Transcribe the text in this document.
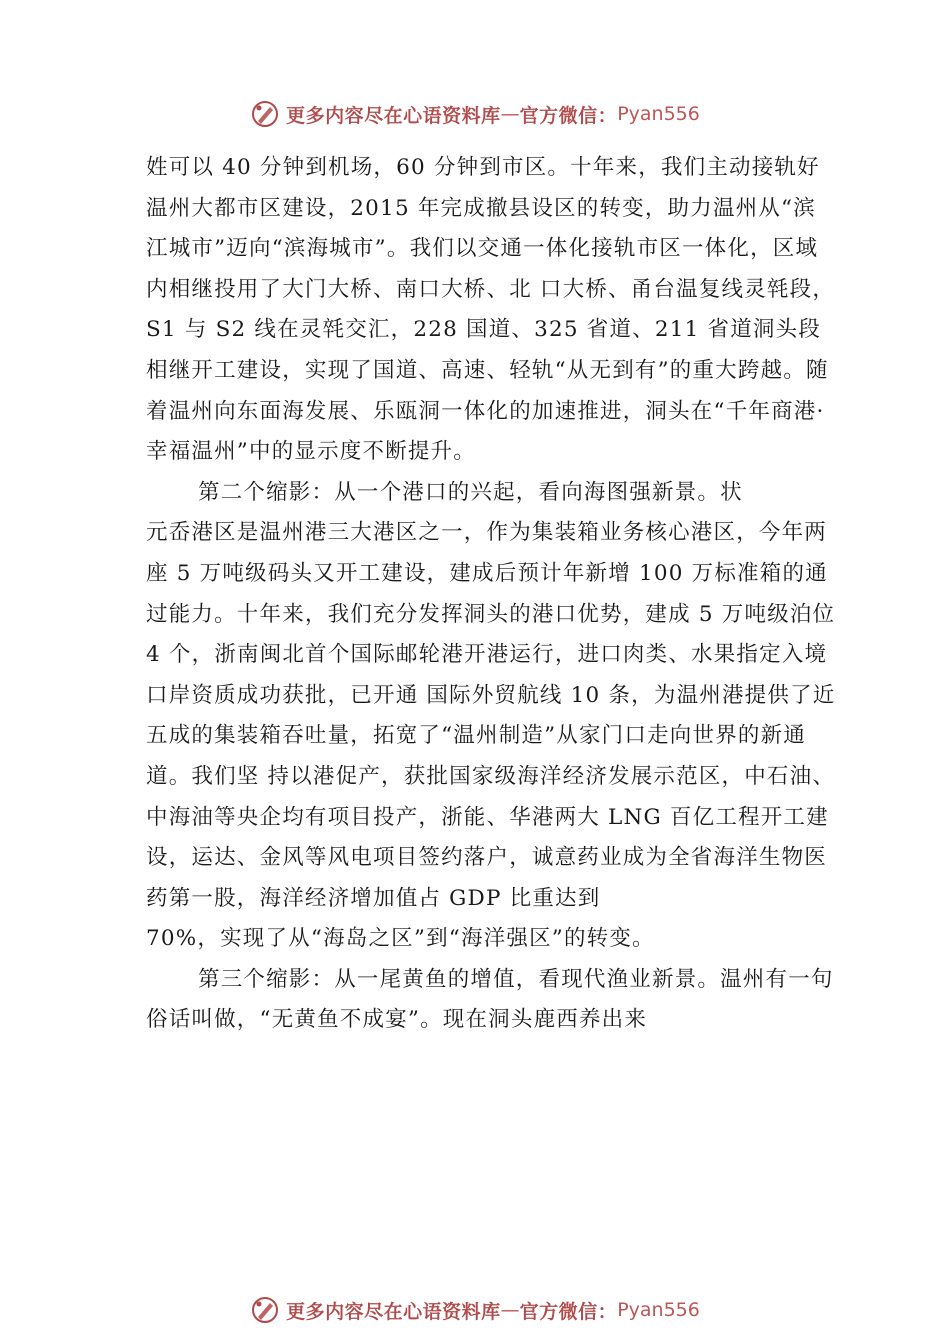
更多内容尽在心语资料库 — 官方微信： Pyan556

姓可以 40 分钟到机场，60 分钟到市区。十年来，我们主动接轨好温州大都市区建设，2015 年完成撤县设区的转变，助力温州从“滨江城市”迈向“滨海城市”。我们以交通一体化接轨市区一体化，区域内相继投用了大门大桥、南口大桥、北 口大桥、甬台温复线灵㲞段，S1 与 S2 线在灵㲞交汇，228 国道、325 省道、211 省道洞头段相继开工建设，实现了国道、高速、轻轨“从无到有”的重大跨越。随着温州向东面海发展、乐瓯洞一体化的加速推进，洞头在“千年商港·幸福温州”中的显示度不断提升。

第二个缩影：从一个港口的兴起，看向海图强新景。状

元岙港区是温州港三大港区之一，作为集装箱业务核心港区，今年两座 5 万吨级码头又开工建设，建成后预计年新增 100 万标准箱的通过能力。十年来，我们充分发挥洞头的港口优势，建成 5 万吨级泊位 4 个，浙南闽北首个国际邮轮港开港运行，进口肉类、水果指定入境口岸资质成功获批，已开通 国际外贸航线 10 条，为温州港提供了近五成的集装箱吞吐量，拓宽了“温州制造”从家门口走向世界的新通道。我们坚 持以港促产，获批国家级海洋经济发展示范区，中石油、中海油等央企均有项目投产，浙能、华港两大 LNG 百亿工程开工建设，运达、金风等风电项目签约落户，诚意药业成为全省海洋生物医药第一股，海洋经济增加值占 GDP 比重达到

70%，实现了从“海岛之区”到“海洋强区”的转变。

第三个缩影：从一尾黄鱼的增值，看现代渔业新景。温州有一句俗话叫做，“无黄鱼不成宴”。现在洞头鹿西养出来

更多内容尽在心语资料库 — 官方微信： Pyan556
